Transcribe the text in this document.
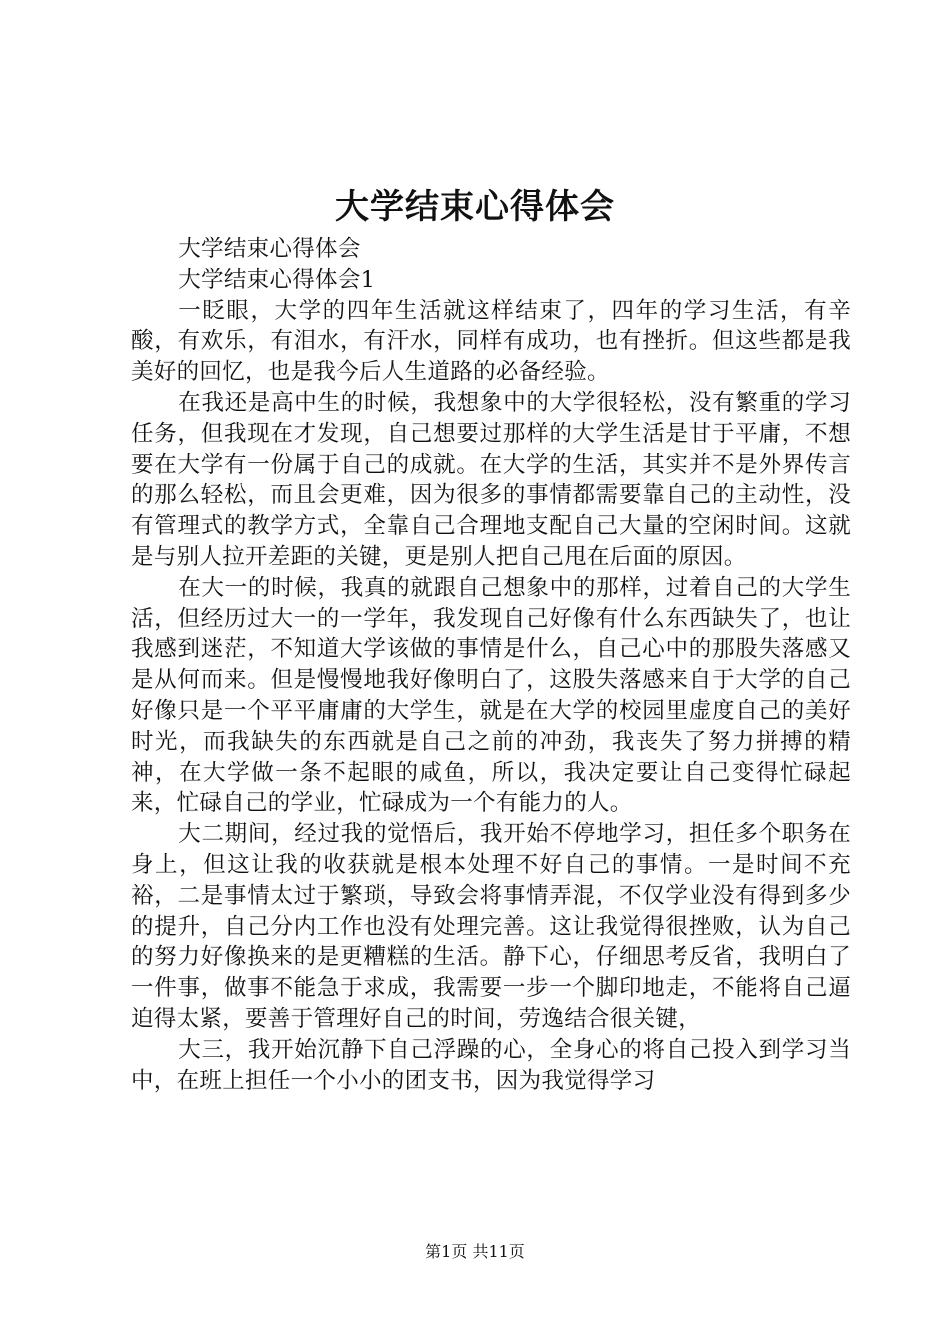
大学结束心得体会

大学结束心得体会

大学结束心得体会1

一眨眼，大学的四年生活就这样结束了，四年的学习生活，有辛酸，有欢乐，有泪水，有汗水，同样有成功，也有挫折。但这些都是我美好的回忆，也是我今后人生道路的必备经验。

在我还是高中生的时候，我想象中的大学很轻松，没有繁重的学习任务，但我现在才发现，自己想要过那样的大学生活是甘于平庸，不想要在大学有一份属于自己的成就。在大学的生活，其实并不是外界传言的那么轻松，而且会更难，因为很多的事情都需要靠自己的主动性，没有管理式的教学方式，全靠自己合理地支配自己大量的空闲时间。这就是与别人拉开差距的关键，更是别人把自己甩在后面的原因。

在大一的时候，我真的就跟自己想象中的那样，过着自己的大学生活，但经历过大一的一学年，我发现自己好像有什么东西缺失了，也让我感到迷茫，不知道大学该做的事情是什么，自己心中的那股失落感又是从何而来。但是慢慢地我好像明白了，这股失落感来自于大学的自己好像只是一个平平庸庸的大学生，就是在大学的校园里虚度自己的美好时光，而我缺失的东西就是自己之前的冲劲，我丧失了努力拼搏的精神，在大学做一条不起眼的咸鱼，所以，我决定要让自己变得忙碌起来，忙碌自己的学业，忙碌成为一个有能力的人。

大二期间，经过我的觉悟后，我开始不停地学习，担任多个职务在身上，但这让我的收获就是根本处理不好自己的事情。一是时间不充裕，二是事情太过于繁琐，导致会将事情弄混，不仅学业没有得到多少的提升，自己分内工作也没有处理完善。这让我觉得很挫败，认为自己的努力好像换来的是更糟糕的生活。静下心，仔细思考反省，我明白了一件事，做事不能急于求成，我需要一步一个脚印地走，不能将自己逼迫得太紧，要善于管理好自己的时间，劳逸结合很关键，

大三，我开始沉静下自己浮躁的心，全身心的将自己投入到学习当中，在班上担任一个小小的团支书，因为我觉得学习

第1页 共11页
